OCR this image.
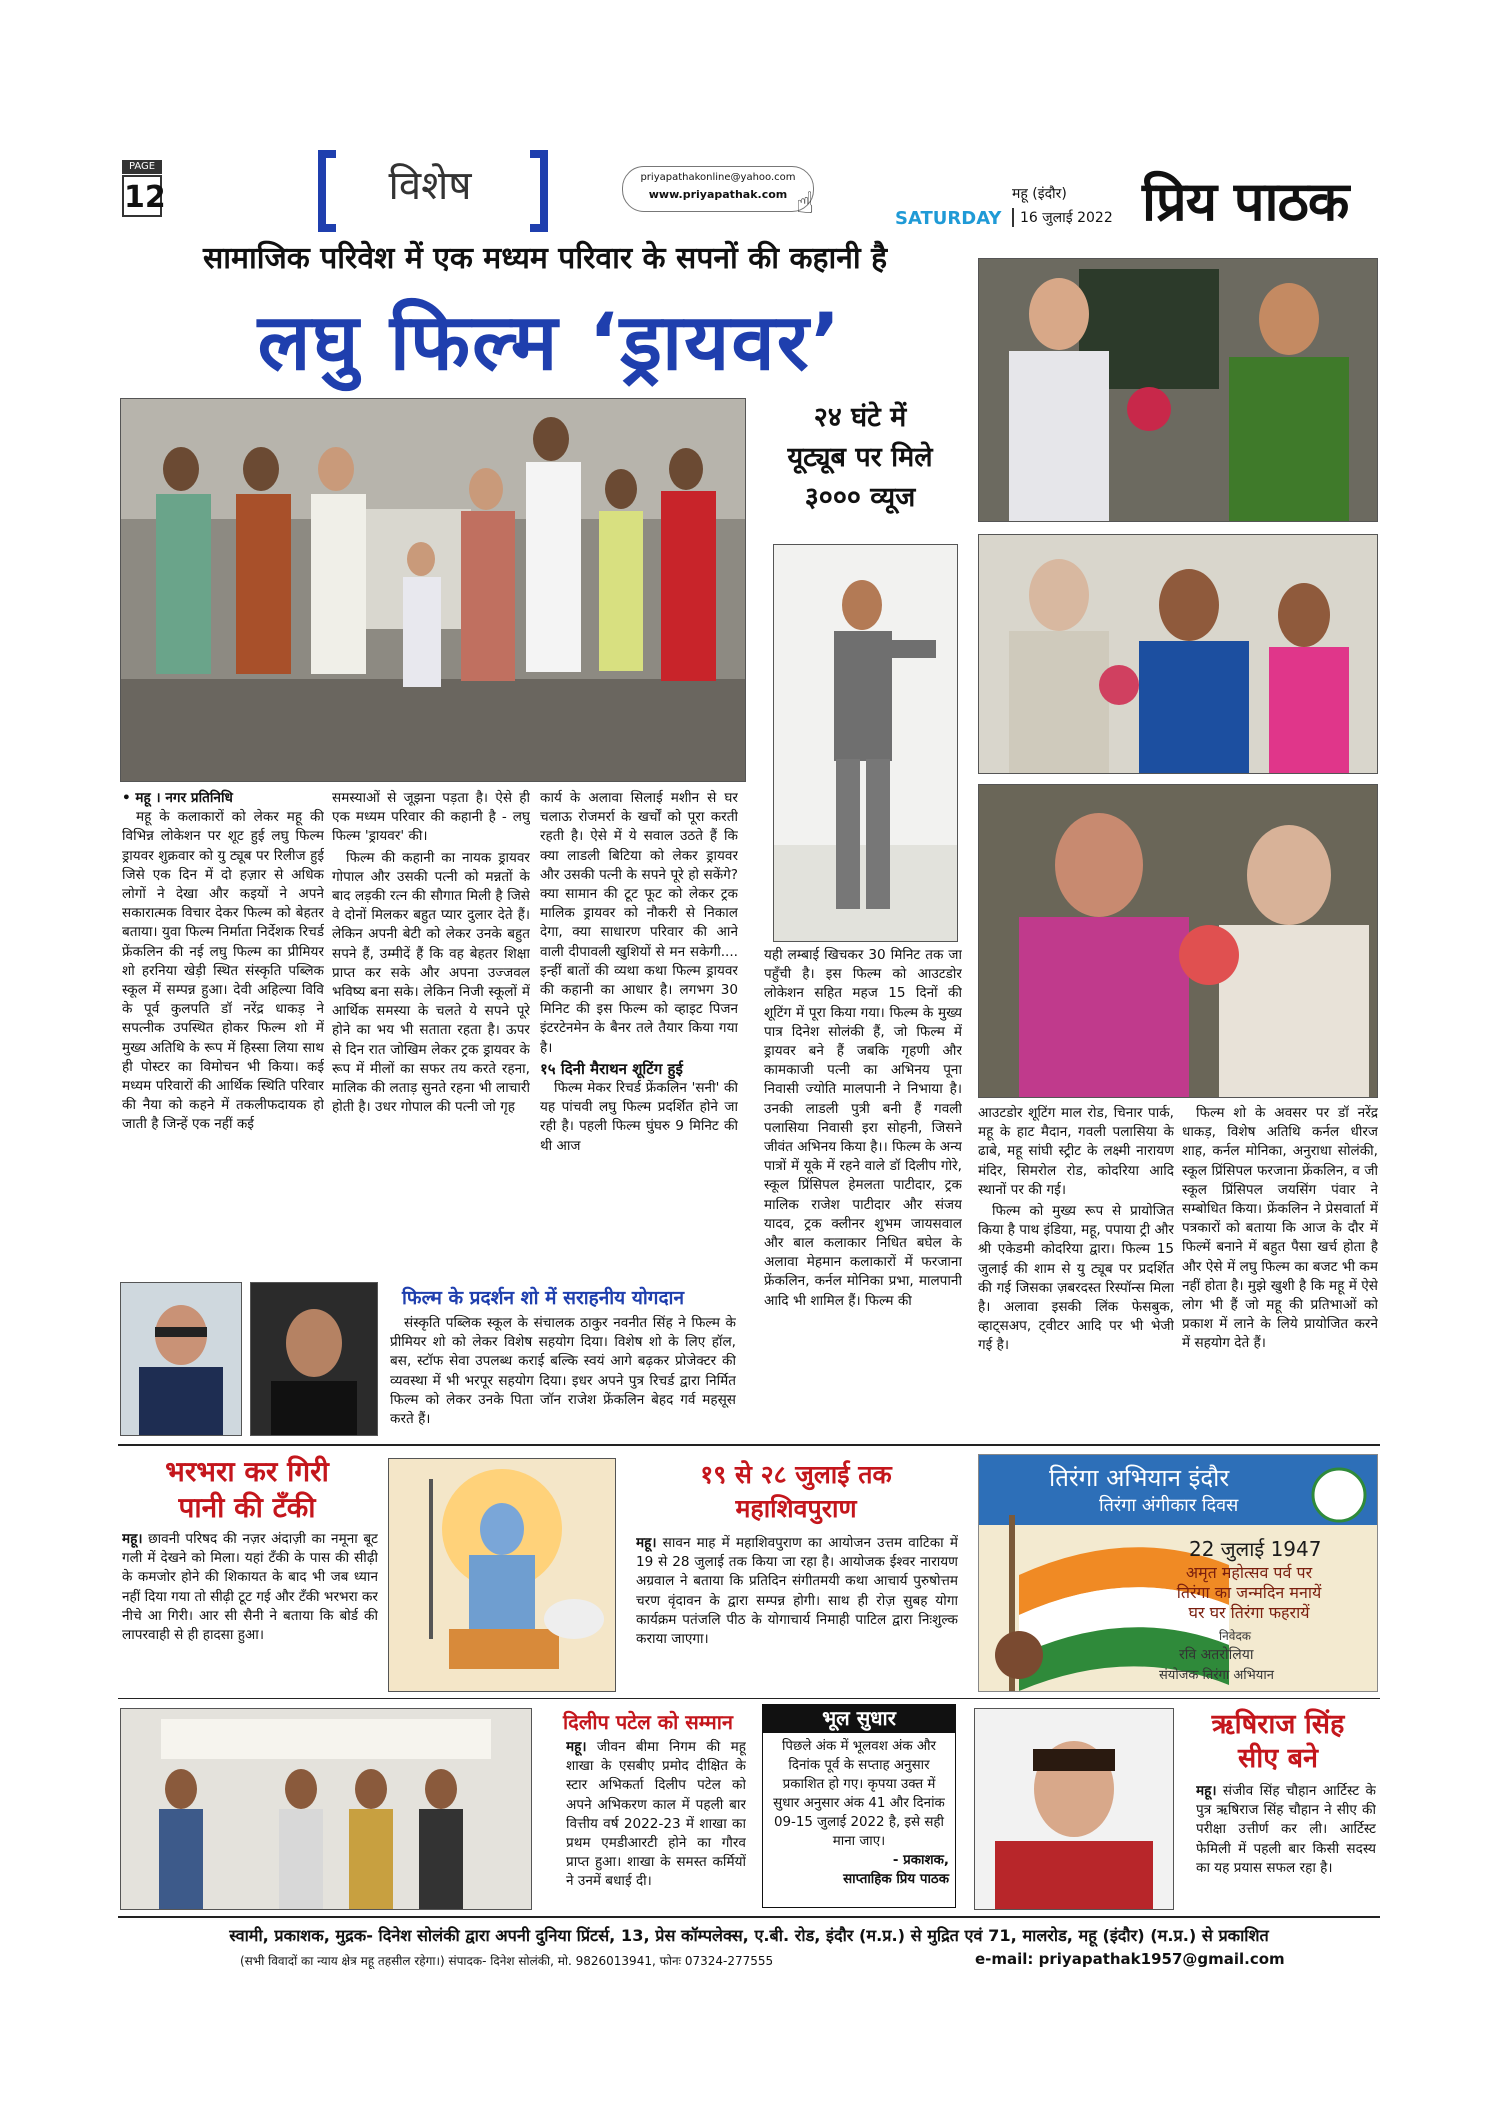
PAGE
12	विशेष	priyapathakonline@yahoo.com
www.priyapathak.com ☝	SATURDAY
महू (इंदौर)
16 जुलाई 2022 प्रिय पाठक
सामाजिक परिवेश में एक मध्यम परिवार के सपनों की कहानी है
लघु फिल्म ‘ड्रायवर’
२४ घंटे में
यूट्यूब पर मिले
३००० व्यूज
• महू । नगर प्रतिनिधि

महू के कलाकारों को लेकर महू की विभिन्न लोकेशन पर शूट हुई लघु फिल्म ड्रायवर शुक्रवार को यु ट्यूब पर रिलीज हुई जिसे एक दिन में दो हज़ार से अधिक लोगों ने देखा और कइयों ने अपने सकारात्मक विचार देकर फिल्म को बेहतर बताया। युवा फिल्म निर्माता निर्देशक रिचर्ड फ्रेंकलिन की नई लघु फिल्म का प्रीमियर शो हरनिया खेड़ी स्थित संस्कृति पब्लिक स्कूल में सम्पन्न हुआ। देवी अहिल्या विवि के पूर्व कुलपति डॉ नरेंद्र धाकड़ ने सपत्नीक उपस्थित होकर फिल्म शो में मुख्य अतिथि के रूप में हिस्सा लिया साथ ही पोस्टर का विमोचन भी किया। कई मध्यम परिवारों की आर्थिक स्थिति परिवार की नैया को कहने में तकलीफदायक हो जाती है जिन्हें एक नहीं कई

समस्याओं से जूझना पड़ता है। ऐसे ही एक मध्यम परिवार की कहानी है - लघु फिल्म 'ड्रायवर' की।

फिल्म की कहानी का नायक ड्रायवर गोपाल और उसकी पत्नी को मन्नतों के बाद लड़की रत्न की सौगात मिली है जिसे वे दोनों मिलकर बहुत प्यार दुलार देते हैं। लेकिन अपनी बेटी को लेकर उनके बहुत सपने हैं, उम्मीदें हैं कि वह बेहतर शिक्षा प्राप्त कर सके और अपना उज्जवल भविष्य बना सके। लेकिन निजी स्कूलों में आर्थिक समस्या के चलते ये सपने पूरे होने का भय भी सताता रहता है। ऊपर से दिन रात जोखिम लेकर ट्रक ड्रायवर के रूप में मीलों का सफर तय करते रहना, मालिक की लताड़ सुनते रहना भी लाचारी होती है। उधर गोपाल की पत्नी जो गृह

कार्य के अलावा सिलाई मशीन से घर चलाऊ रोजमर्रा के खर्चों को पूरा करती रहती है। ऐसे में ये सवाल उठते हैं कि क्या लाडली बिटिया को लेकर ड्रायवर और उसकी पत्नी के सपने पूरे हो सकेंगे? क्या सामान की टूट फूट को लेकर ट्रक मालिक ड्रायवर को नौकरी से निकाल देगा, क्या साधारण परिवार की आने वाली दीपावली खुशियों से मन सकेगी.... इन्हीं बातों की व्यथा कथा फिल्म ड्रायवर की कहानी का आधार है। लगभग 30 मिनिट की इस फिल्म को व्हाइट पिजन इंटरटेनमेन के बैनर तले तैयार किया गया है।

१५ दिनी मैराथन शूटिंग हुई

फिल्म मेकर रिचर्ड फ्रेंकलिन 'सनी' की यह पांचवी लघु फिल्म प्रदर्शित होने जा रही है। पहली फिल्म घुंघरु 9 मिनिट की थी आज

यही लम्बाई खिचकर 30 मिनिट तक जा पहुँची है। इस फिल्म को आउटडोर लोकेशन सहित महज 15 दिनों की शूटिंग में पूरा किया गया। फिल्म के मुख्य पात्र दिनेश सोलंकी हैं, जो फिल्म में ड्रायवर बने हैं जबकि गृहणी और कामकाजी पत्नी का अभिनय पूना निवासी ज्योति मालपानी ने निभाया है। उनकी लाडली पुत्री बनी हैं गवली पलासिया निवासी इरा सोहनी, जिसने जीवंत अभिनय किया है।। फिल्म के अन्य पात्रों में यूके में रहने वाले डॉ दिलीप गोरे, स्कूल प्रिंसिपल हेमलता पाटीदार, ट्रक मालिक राजेश पाटीदार और संजय यादव, ट्रक क्लीनर शुभम जायसवाल और बाल कलाकार निधित बघेल के अलावा मेहमान कलाकारों में फरजाना फ्रेंकलिन, कर्नल मोनिका प्रभा, मालपानी आदि भी शामिल हैं। फिल्म की

आउटडोर शूटिंग माल रोड, चिनार पार्क, महू के हाट मैदान, गवली पलासिया के ढाबे, महू सांघी स्ट्रीट के लक्ष्मी नारायण मंदिर, सिमरोल रोड, कोदरिया आदि स्थानों पर की गई।

फिल्म को मुख्य रूप से प्रायोजित किया है पाथ इंडिया, महू, पपाया ट्री और श्री एकेडमी कोदरिया द्वारा। फिल्म 15 जुलाई की शाम से यु ट्यूब पर प्रदर्शित की गई जिसका ज़बरदस्त रिस्पॉन्स मिला है। अलावा इसकी लिंक फेसबुक, व्हाट्सअप, ट्वीटर आदि पर भी भेजी गई है।

फिल्म शो के अवसर पर डॉ नरेंद्र धाकड़, विशेष अतिथि कर्नल धीरज शाह, कर्नल मोनिका, अनुराधा सोलंकी, स्कूल प्रिंसिपल फरजाना फ्रेंकलिन, व जी स्कूल प्रिंसिपल जयसिंग पंवार ने सम्बोधित किया। फ्रेंकलिन ने प्रेसवार्ता में पत्रकारों को बताया कि आज के दौर में फिल्में बनाने में बहुत पैसा खर्च होता है और ऐसे में लघु फिल्म का बजट भी कम नहीं होता है। मुझे खुशी है कि महू में ऐसे लोग भी हैं जो महू की प्रतिभाओं को प्रकाश में लाने के लिये प्रायोजित करने में सहयोग देते हैं।

फिल्म के प्रदर्शन शो में सराहनीय योगदान

संस्कृति पब्लिक स्कूल के संचालक ठाकुर नवनीत सिंह ने फिल्म के प्रीमियर शो को लेकर विशेष सहयोग दिया। विशेष शो के लिए हॉल, बस, स्टॉफ सेवा उपलब्ध कराई बल्कि स्वयं आगे बढ़कर प्रोजेक्टर की व्यवस्था में भी भरपूर सहयोग दिया। इधर अपने पुत्र रिचर्ड द्वारा निर्मित फिल्म को लेकर उनके पिता जॉन राजेश फ्रेंकलिन बेहद गर्व महसूस करते हैं।

भरभरा कर गिरी
पानी की टँकी
महू। छावनी परिषद की नज़र अंदाज़ी का नमूना बूट गली में देखने को मिला। यहां टँकी के पास की सीढ़ी के कमजोर होने की शिकायत के बाद भी जब ध्यान नहीं दिया गया तो सीढ़ी टूट गई और टँकी भरभरा कर नीचे आ गिरी। आर सी सैनी ने बताया कि बोर्ड की लापरवाही से ही हादसा हुआ।
१९ से २८ जुलाई तक
महाशिवपुराण
महू। सावन माह में महाशिवपुराण का आयोजन उत्तम वाटिका में 19 से 28 जुलाई तक किया जा रहा है। आयोजक ईश्वर नारायण अग्रवाल ने बताया कि प्रतिदिन संगीतमयी कथा आचार्य पुरुषोत्तम चरण वृंदावन के द्वारा सम्पन्न होगी। साथ ही रोज़ सुबह योगा कार्यक्रम पतंजलि पीठ के योगाचार्य निमाही पाटिल द्वारा निःशुल्क कराया जाएगा।
तिरंगा अभियान इंदौर
तिरंगा अंगीकार दिवस
22 जुलाई 1947
अमृत महोत्सव पर्व पर
तिरंगा का जन्मदिन मनायें
घर घर तिरंगा फहरायें
निवेदक
रवि अतरोलिया
संयोजक तिरंगा अभियान
दिलीप पटेल को सम्मान
महू। जीवन बीमा निगम की महू शाखा के एसबीए प्रमोद दीक्षित के स्टार अभिकर्ता दिलीप पटेल को अपने अभिकरण काल में पहली बार वित्तीय वर्ष 2022-23 में शाखा का प्रथम एमडीआरटी होने का गौरव प्राप्त हुआ। शाखा के समस्त कर्मियों ने उनमें बधाई दी।
भूल सुधार
पिछले अंक में भूलवश अंक और दिनांक पूर्व के सप्ताह अनुसार प्रकाशित हो गए। कृपया उक्त में सुधार अनुसार अंक 41 और दिनांक 09-15 जुलाई 2022 है, इसे सही माना जाए।
- प्रकाशक,
साप्ताहिक प्रिय पाठक
ऋषिराज सिंह
सीए बने
महू। संजीव सिंह चौहान आर्टिस्ट के पुत्र ऋषिराज सिंह चौहान ने सीए की परीक्षा उत्तीर्ण कर ली। आर्टिस्ट फेमिली में पहली बार किसी सदस्य का यह प्रयास सफल रहा है।
स्वामी, प्रकाशक, मुद्रक- दिनेश सोलंकी द्वारा अपनी दुनिया प्रिंटर्स, 13, प्रेस कॉम्पलेक्स, ए.बी. रोड, इंदौर (म.प्र.) से मुद्रित एवं 71, मालरोड, महू (इंदौर) (म.प्र.) से प्रकाशित
(सभी विवादों का न्याय क्षेत्र महू तहसील रहेगा।) संपादक- दिनेश सोलंकी, मो. 9826013941, फोनः 07324-277555	e-mail: priyapathak1957@gmail.com
